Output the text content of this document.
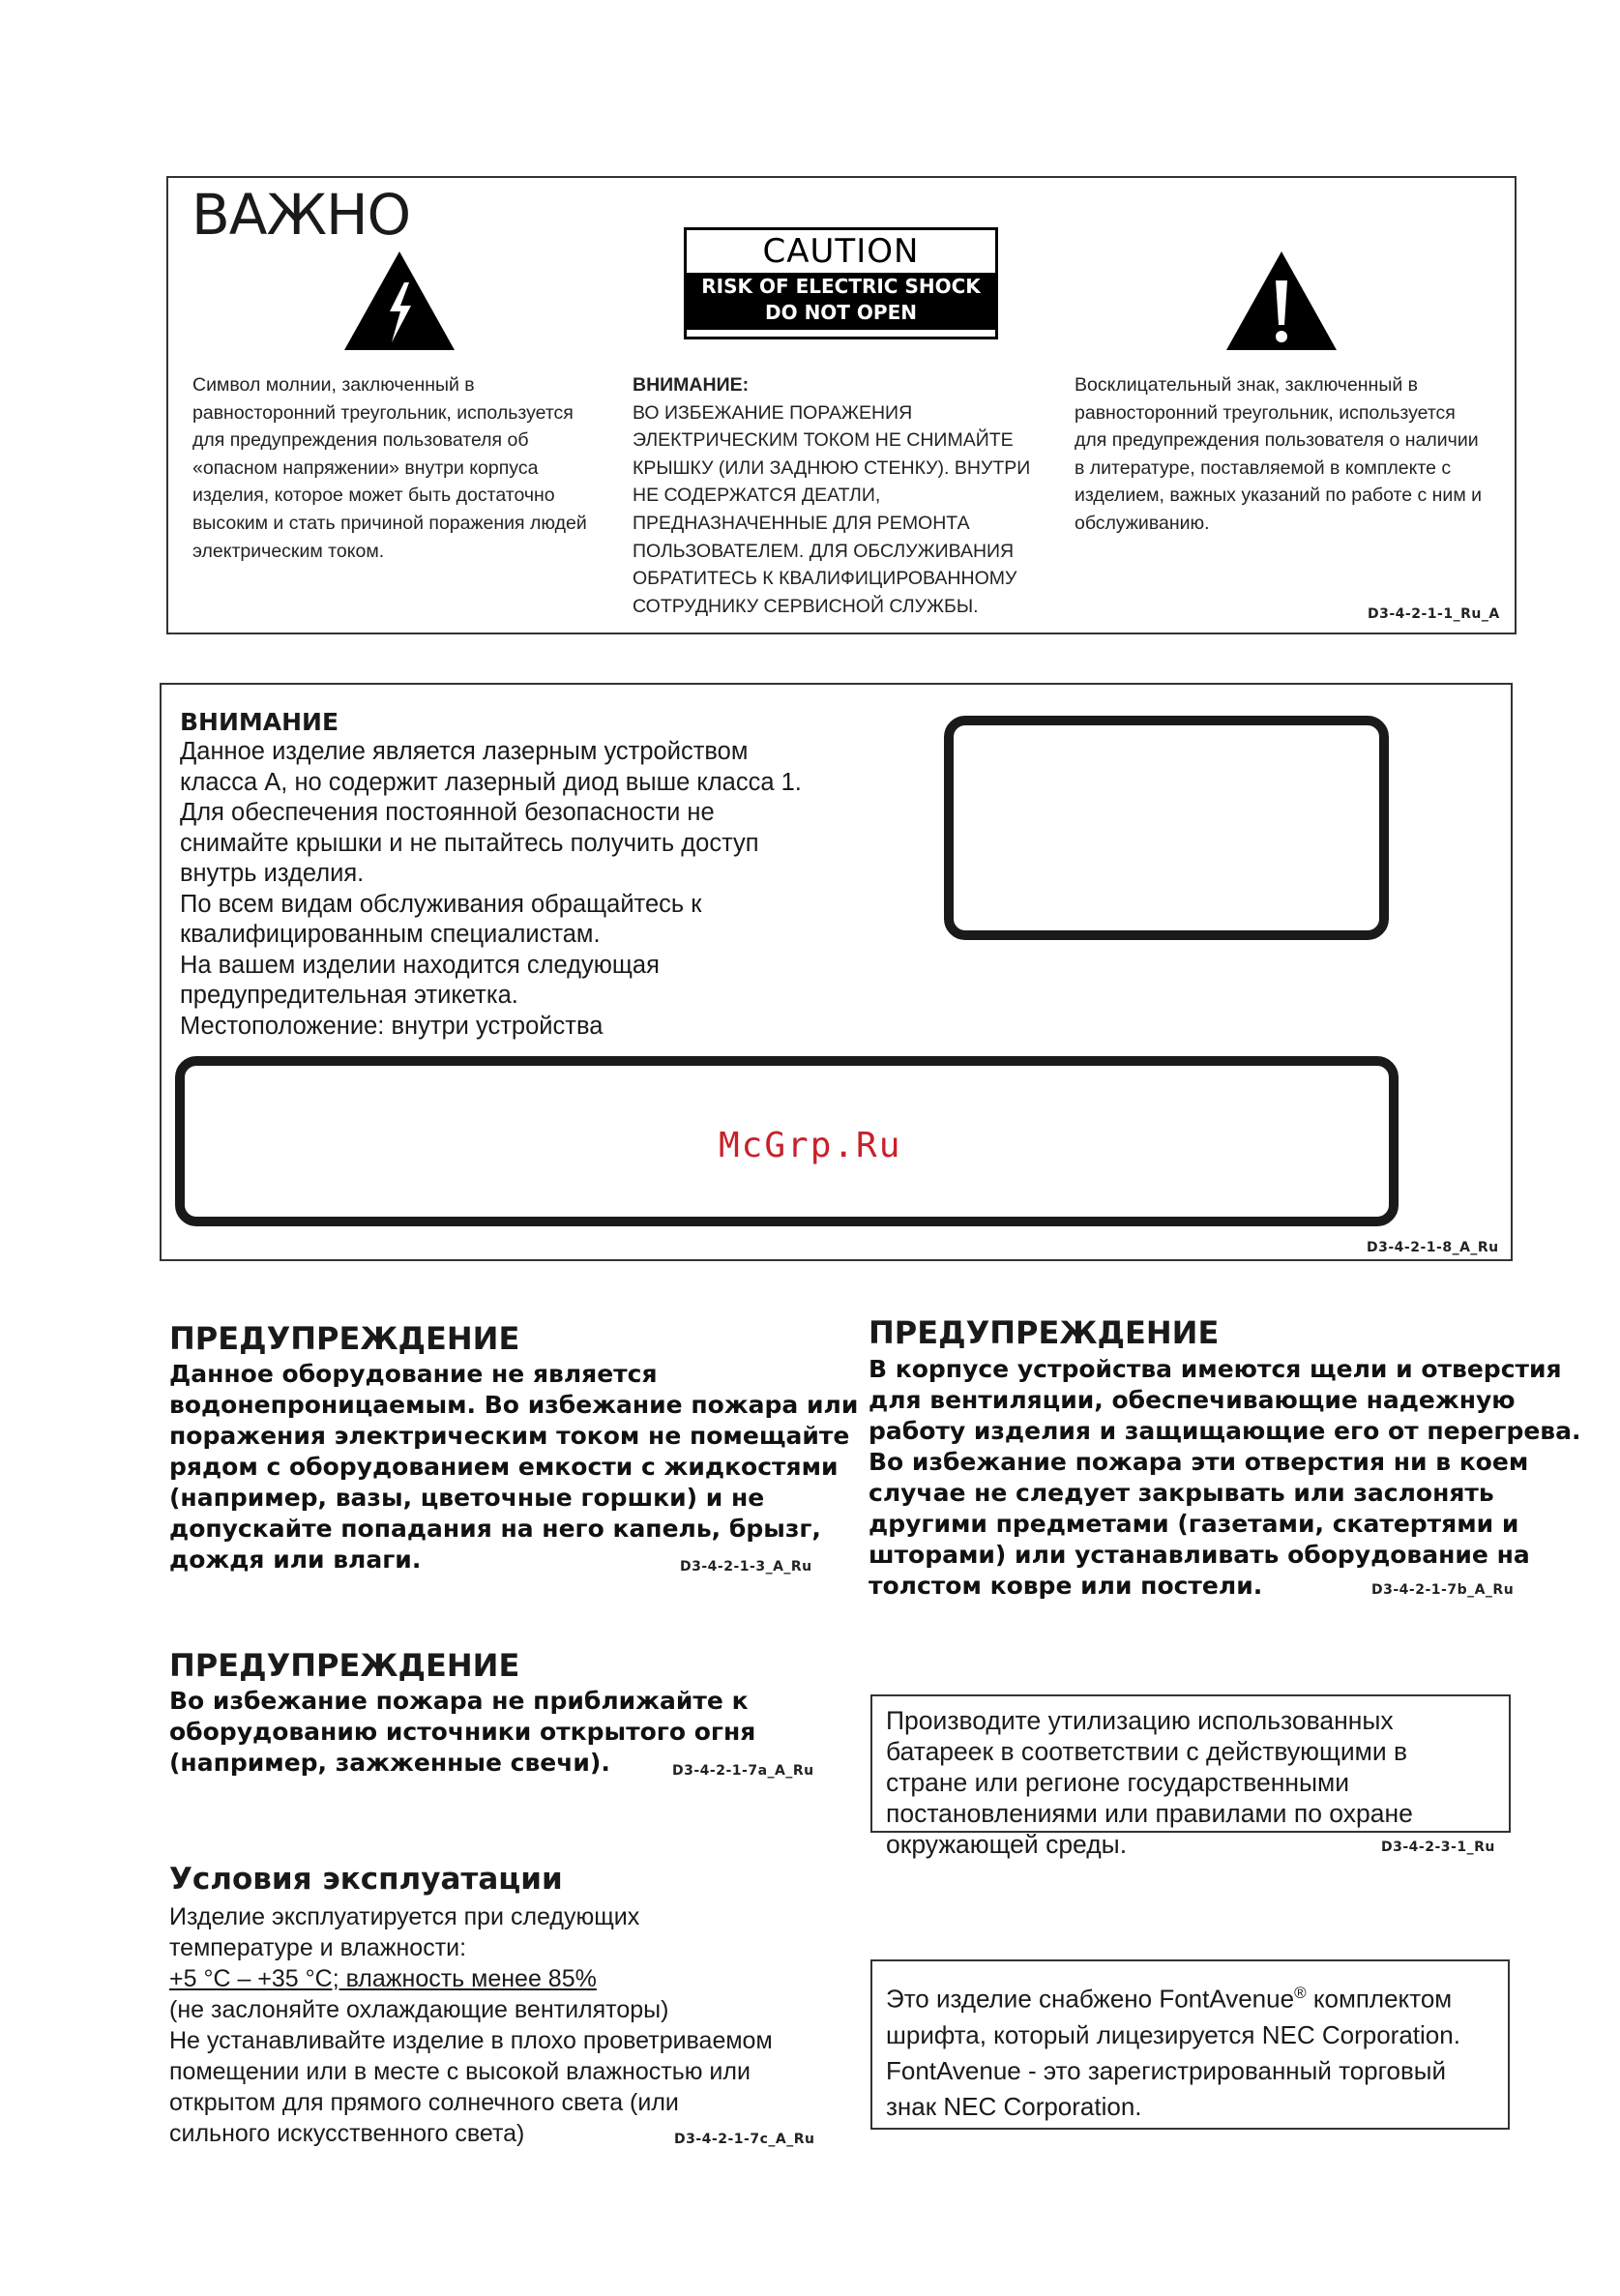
ВАЖНО
CAUTION
RISK OF ELECTRIC SHOCK
DO NOT OPEN

Символ молнии, заключенный в

равносторонний треугольник, используется

для предупреждения пользователя об

«опасном напряжении» внутри корпуса

изделия, которое может быть достаточно

высоким и стать причиной поражения людей

электрическим током.

ВНИМАНИЕ:

ВО ИЗБЕЖАНИЕ ПОРАЖЕНИЯ

ЭЛЕКТРИЧЕСКИМ ТОКОМ НЕ СНИМАЙТЕ

КРЫШКУ (ИЛИ ЗАДНЮЮ СТЕНКУ). ВНУТРИ

НЕ СОДЕРЖАТСЯ ДЕАТЛИ,

ПРЕДНАЗНАЧЕННЫЕ ДЛЯ РЕМОНТА

ПОЛЬЗОВАТЕЛЕМ. ДЛЯ ОБСЛУЖИВАНИЯ

ОБРАТИТЕСЬ К КВАЛИФИЦИРОВАННОМУ

СОТРУДНИКУ СЕРВИСНОЙ СЛУЖБЫ.

Восклицательный знак, заключенный в

равносторонний треугольник, используется

для предупреждения пользователя о наличии

в литературе, поставляемой в комплекте с

изделием, важных указаний по работе с ним и

обслуживанию.

D3-4-2-1-1_Ru_A
ВНИМАНИЕ
Данное изделие является лазерным устройством
класса А, но содержит лазерный диод выше класса 1.
Для обеспечения постоянной безопасности не
снимайте крышки и не пытайтесь получить доступ
внутрь изделия.
По всем видам обслуживания обращайтесь к
квалифицированным специалистам.
На вашем изделии находится следующая
предупредительная этикетка.
Местоположение: внутри устройства
McGrp.Ru
D3-4-2-1-8_A_Ru
ПРЕДУПРЕЖДЕНИЕ
Данное оборудование не является
водонепроницаемым. Во избежание пожара или
поражения электрическим током не помещайте
рядом с оборудованием емкости с жидкостями
(например, вазы, цветочные горшки) и не
допускайте попадания на него капель, брызг,
дождя или влаги.	D3-4-2-1-3_A_Ru
ПРЕДУПРЕЖДЕНИЕ
Во избежание пожара не приближайте к
оборудованию источники открытого огня
(например, зажженные свечи).	D3-4-2-1-7a_A_Ru
Условия эксплуатации
Изделие эксплуатируется при следующих
температуре и влажности:
+5 °C – +35 °C; влажность менее 85%
(не заслоняйте охлаждающие вентиляторы)
Не устанавливайте изделие в плохо проветриваемом
помещении или в месте с высокой влажностью или
открытом для прямого солнечного света (или
сильного искусственного света)	D3-4-2-1-7c_A_Ru
ПРЕДУПРЕЖДЕНИЕ
В корпусе устройства имеются щели и отверстия
для вентиляции, обеспечивающие надежную
работу изделия и защищающие его от перегрева.
Во избежание пожара эти отверстия ни в коем
случае не следует закрывать или заслонять
другими предметами (газетами, скатертями и
шторами) или устанавливать оборудование на
толстом ковре или постели.	D3-4-2-1-7b_A_Ru
Производите утилизацию использованных
батареек в соответствии с действующими в
стране или регионе государственными
постановлениями или правилами по охране
окружающей среды.	D3-4-2-3-1_Ru
Это изделие снабжено FontAvenue® комплектом
шрифта, который лицезируется NEC Corporation.
FontAvenue - это зарегистрированный торговый
знак NEC Corporation.
